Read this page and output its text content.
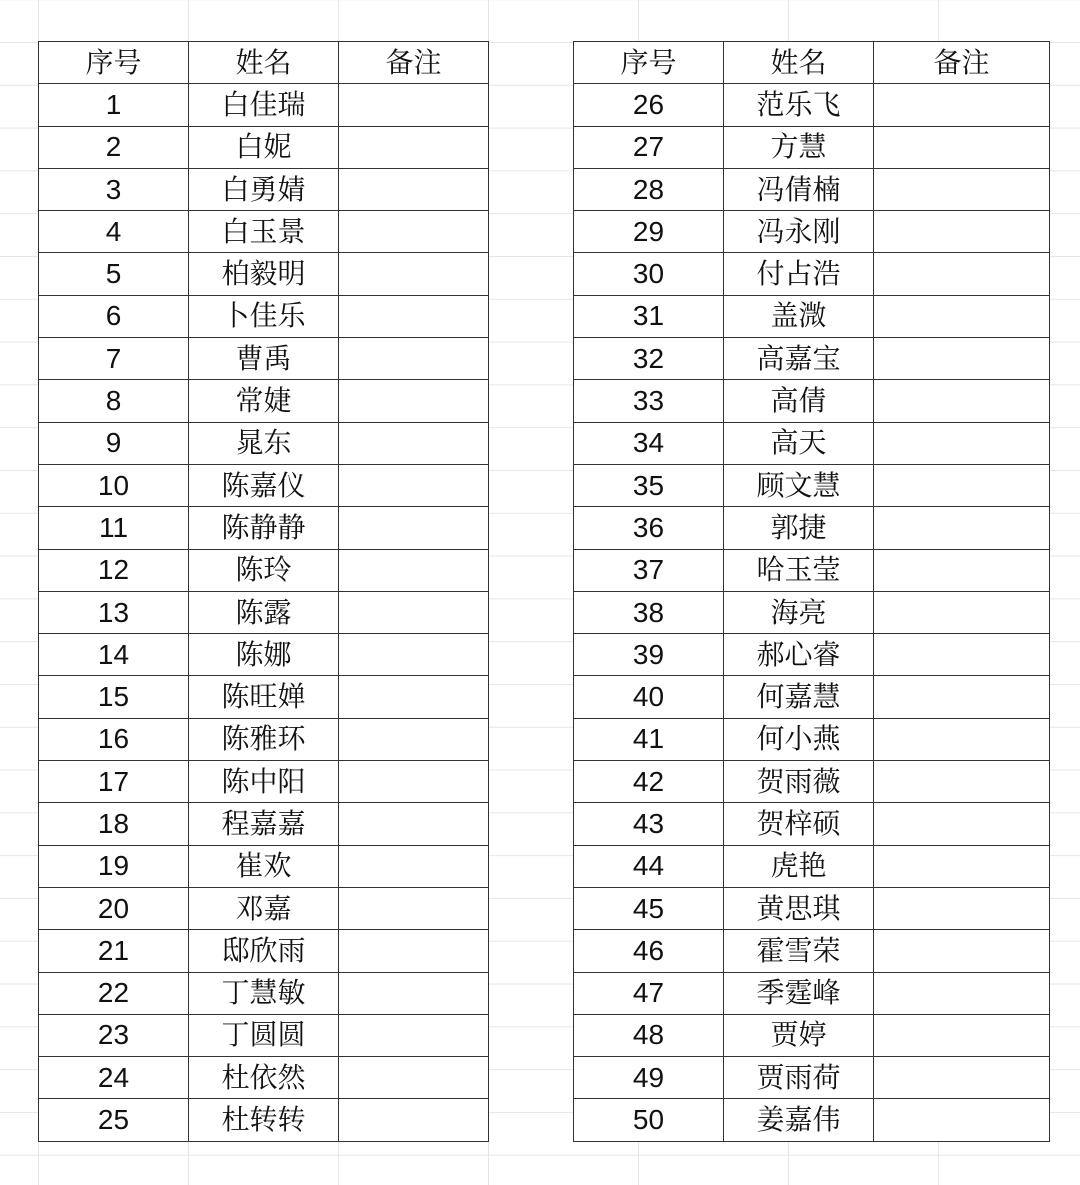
序号	姓名	备注
1	白佳瑞	
2	白妮	
3	白勇婧	
4	白玉景	
5	柏毅明	
6	卜佳乐	
7	曹禹	
8	常婕	
9	晁东	
10	陈嘉仪	
11	陈静静	
12	陈玲	
13	陈露	
14	陈娜	
15	陈旺婵	
16	陈雅环	
17	陈中阳	
18	程嘉嘉	
19	崔欢	
20	邓嘉	
21	邸欣雨	
22	丁慧敏	
23	丁圆圆	
24	杜依然	
25	杜转转	
序号	姓名	备注
26	范乐飞	
27	方慧	
28	冯倩楠	
29	冯永刚	
30	付占浩	
31	盖溦	
32	高嘉宝	
33	高倩	
34	高天	
35	顾文慧	
36	郭捷	
37	哈玉莹	
38	海亮	
39	郝心睿	
40	何嘉慧	
41	何小燕	
42	贺雨薇	
43	贺梓硕	
44	虎艳	
45	黄思琪	
46	霍雪荣	
47	季霆峰	
48	贾婷	
49	贾雨荷	
50	姜嘉伟	
